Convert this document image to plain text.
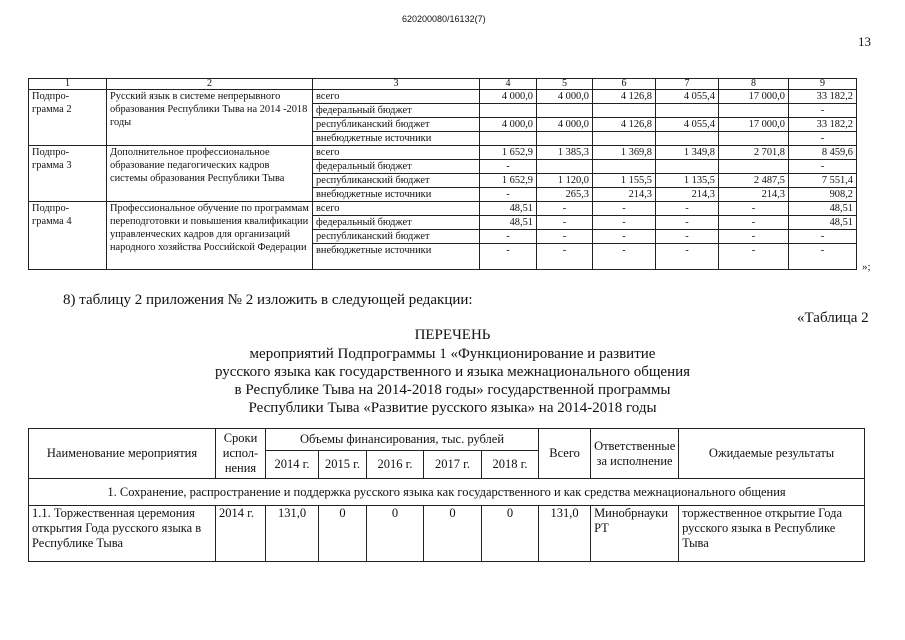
620200080/16132(7)
13
1	2	3	4	5	6	7	8	9
Подпро-
грамма 2	Русский язык в системе непрерывного образования Республики Тыва на 2014 -2018 годы	всего	4 000,0	4 000,0	4 126,8	4 055,4	17 000,0	33 182,2
		федеральный бюджет						-
		республиканский бюджет	4 000,0	4 000,0	4 126,8	4 055,4	17 000,0	33 182,2
		внебюджетные источники						-
Подпро-
грамма 3	Дополнительное профессиональное образование педагогических кадров системы образования Республики Тыва	всего	1 652,9	1 385,3	1 369,8	1 349,8	2 701,8	8 459,6
		федеральный бюджет	-					-
		республиканский бюджет	1 652,9	1 120,0	1 155,5	1 135,5	2 487,5	7 551,4
		внебюджетные источники	-	265,3	214,3	214,3	214,3	908,2
Подпро-
грамма 4	Профессиональное обучение по программам переподготовки и повышения квалификации управленческих кадров для организаций народного хозяйства Российской Федерации	всего	48,51	-	-	-	-	48,51
		федеральный бюджет	48,51	-	-	-	-	48,51
		республиканский бюджет	-	-	-	-	-	-
		внебюджетные источники	-	-	-	-	-	-
»;
8) таблицу 2 приложения № 2 изложить в следующей редакции:
«Таблица 2
ПЕРЕЧЕНЬ
мероприятий Подпрограммы 1 «Функционирование и развитие
русского языка как государственного и языка межнационального общения
в Республике Тыва на 2014-2018 годы» государственной программы
Республики Тыва «Развитие русского языка» на 2014-2018 годы
Наименование мероприятия	Сроки испол-нения	Объемы финансирования, тыс. рублей					Всего	Ответственные за исполнение	Ожидаемые результаты
		2014 г.	2015 г.	2016 г.	2017 г.	2018 г.			
1. Сохранение, распространение и поддержка русского языка как государственного и как средства межнационального общения									
1.1. Торжественная церемония открытия Года русского языка в Республике Тыва	2014 г.	131,0	0	0	0	0	131,0	Минобрнауки РТ	торжественное открытие Года русского языка в Республике Тыва
